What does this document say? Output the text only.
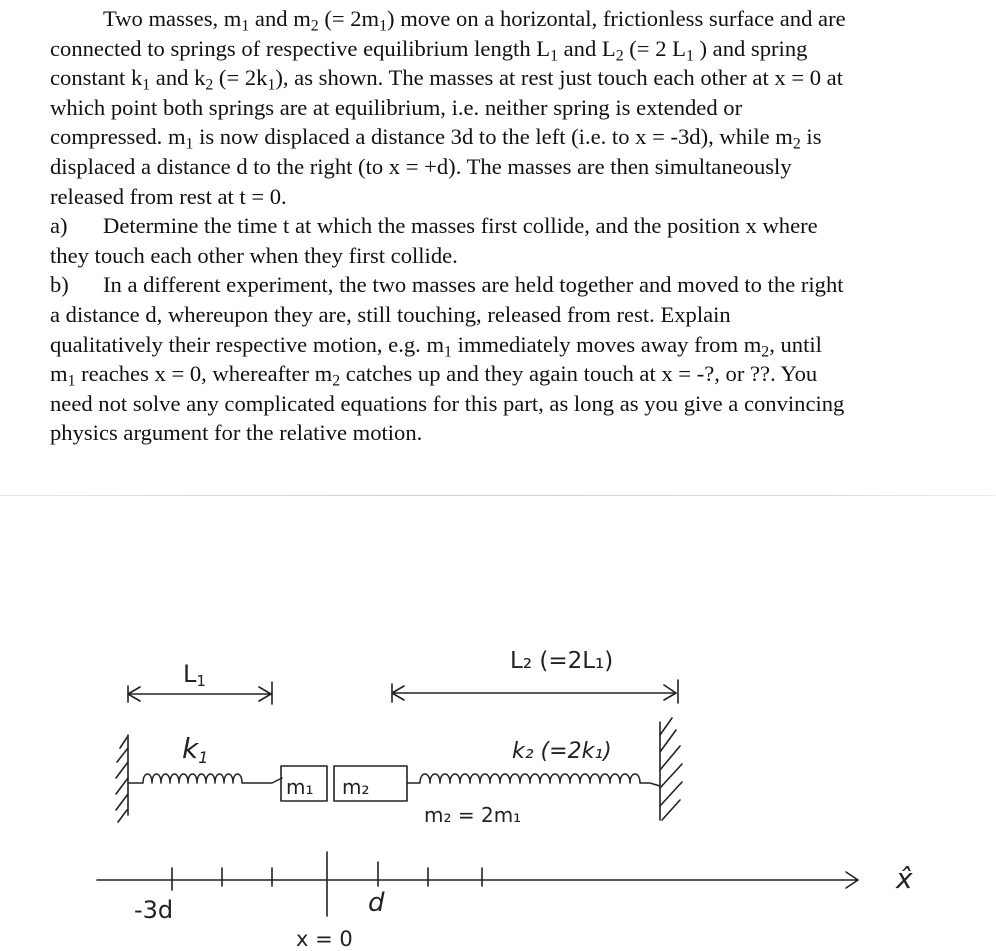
Two masses, $m_1$ and $m_2$ (= $2m_1$) move on a horizontal, frictionless surface and are
connected to springs of respective equilibrium length $L_1$ and $L_2$ (= 2 $L_1$ ) and spring
constant $k_1$ and $k_2$ (= $2k_1$), as shown. The masses at rest just touch each other at x = 0 at
which point both springs are at equilibrium, i.e. neither spring is extended or
compressed. $m_1$ is now displaced a distance 3d to the left (i.e. to x = -3d), while $m_2$ is
displaced a distance d to the right (to x = +d). The masses are then simultaneously
released from rest at t = 0.
a) Determine the time t at which the masses first collide, and the position x where
they touch each other when they first collide.
b) In a different experiment, the two masses are held together and moved to the right
a distance d, whereupon they are, still touching, released from rest. Explain
qualitatively their respective motion, e.g. $m_1$ immediately moves away from $m_2$, until
$m_1$ reaches x = 0, whereafter $m_2$ catches up and they again touch at x = -?, or ??. You
need not solve any complicated equations for this part, as long as you give a convincing
physics argument for the relative motion.
L1
L₂ (=2L₁)
k1	k₂ (=2k₁)
m₁ m₂
m₂ = 2m₁
-3d	d
x = 0
x̂
